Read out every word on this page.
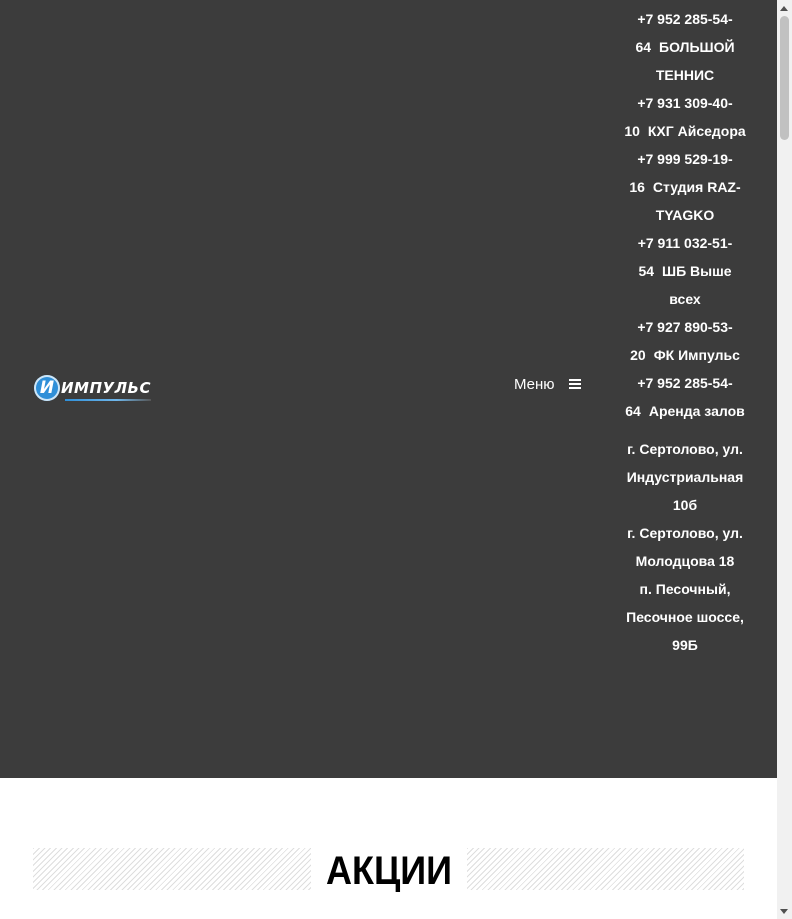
И ИМПУЛЬС	Меню
+7 952 285-54-64 БОЛЬШОЙ ТЕННИС
+7 931 309-40-10 КХГ Айседора
+7 999 529-19-16 Студия RAZ-TYAGKO
+7 911 032-51-54 ШБ Выше всех
+7 927 890-53-20 ФК Импульс
+7 952 285-54-64 Аренда залов
г. Сертолово, ул. Индустриальная 10б
г. Сертолово, ул. Молодцова 18
п. Песочный, Песочное шоссе, 99Б
АКЦИИ
